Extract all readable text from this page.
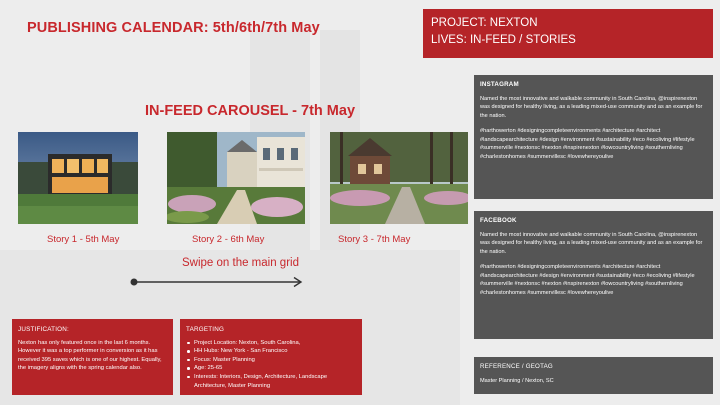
PUBLISHING CALENDAR: 5th/6th/7th May	PROJECT: NEXTON
LIVES: IN-FEED / STORIES
IN-FEED CAROUSEL - 7th May
Story 1 - 5th May	Story 2 - 6th May	Story 3 - 7th May
Swipe on the main grid
JUSTIFICATION:
Nexton has only featured once in the last 6 months. However it was a top performer in conversion as it has received 395 saves which is one of our highest. Equally, the imagery aligns with the spring calendar also.
TARGETING
Project Location: Nexton, South Carolina,
HH Hubs: New York - San Francisco
Focus: Master Planning
Age: 25-65
Interests: Interiors, Design, Architecture, Landscape Architecture, Master Planning
INSTAGRAM
Named the most innovative and walkable community in South Carolina, @inspirenexton was designed for healthy living, as a leading mixed-use community and as an example for the nation.
#harthowerton #designingcompleteenvironments #architecture #architect #landscapearchitecture #design #environment #sustainability #eco #ecoliving #lifestyle #summerville #nextonsc #nexton #inspirenexton #lowcountryliving #southernliving #charlestonhomes #summervillesc #lovewhereyoulive
FACEBOOK
Named the most innovative and walkable community in South Carolina, @inspirenexton was designed for healthy living, as a leading mixed-use community and as an example for the nation.
#harthowerton #designingcompleteenvironments #architecture #architect #landscapearchitecture #design #environment #sustainability #eco #ecoliving #lifestyle #summerville #nextonsc #nexton #inspirenexton #lowcountryliving #southernliving #charlestonhomes #summervillesc #lovewhereyoulive
REFERENCE / GEOTAG
Master Planning / Nexton, SC
